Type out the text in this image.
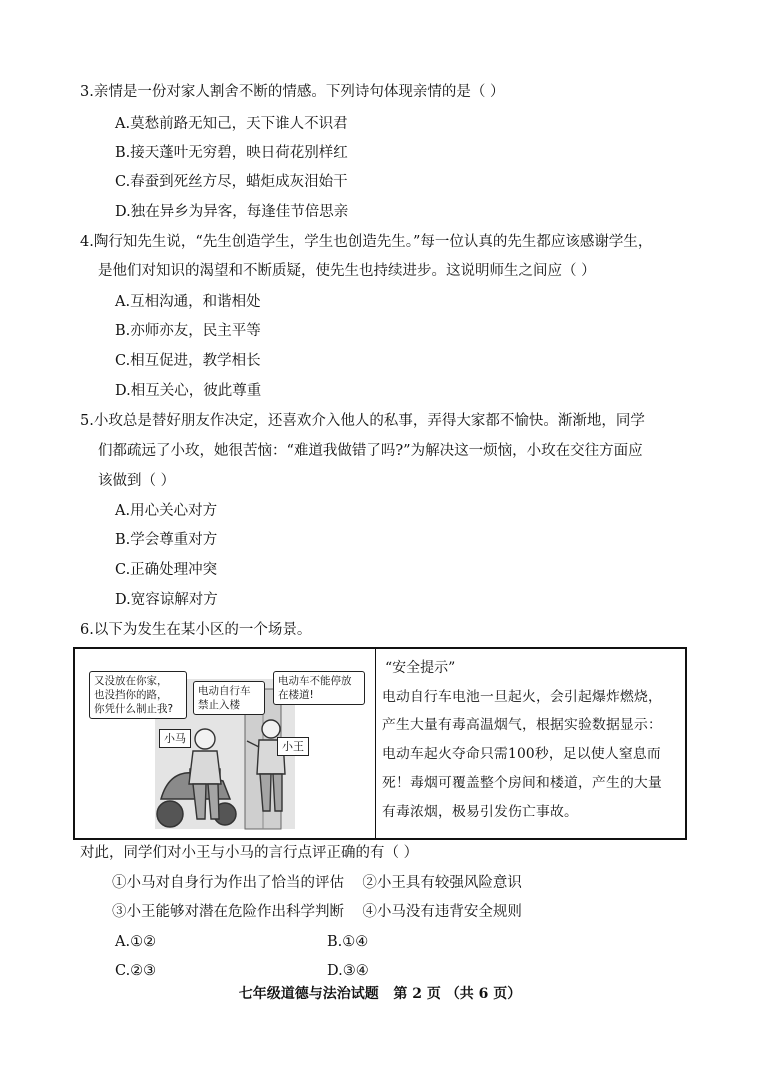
3.亲情是一份对家人割舍不断的情感。下列诗句体现亲情的是（ ）
A.莫愁前路无知己，天下谁人不识君
B.接天蓬叶无穷碧，映日荷花别样红
C.春蚕到死丝方尽，蜡炬成灰泪始干
D.独在异乡为异客，每逢佳节倍思亲
4.陶行知先生说，“先生创造学生，学生也创造先生。”每一位认真的先生都应该感谢学生，
是他们对知识的渴望和不断质疑，使先生也持续进步。这说明师生之间应（ ）
A.互相沟通，和谐相处
B.亦师亦友，民主平等
C.相互促进，教学相长
D.相互关心，彼此尊重
5.小玫总是替好朋友作决定，还喜欢介入他人的私事，弄得大家都不愉快。渐渐地，同学
们都疏远了小玫，她很苦恼：“难道我做错了吗?”为解决这一烦恼，小玫在交往方面应
该做到（ ）
A.用心关心对方
B.学会尊重对方
C.正确处理冲突
D.宽容谅解对方
6.以下为发生在某小区的一个场景。
又没放在你家，
也没挡你的路，
你凭什么制止我?
电动自行车
禁止入楼
电动车不能停放
在楼道!
小马
小王
“安全提示”
电动自行车电池一旦起火，会引起爆炸燃烧，
产生大量有毒高温烟气，根据实验数据显示：
电动车起火夺命只需100秒，足以使人窒息而
死！毒烟可覆盖整个房间和楼道，产生的大量
有毒浓烟，极易引发伤亡事故。
对此，同学们对小王与小马的言行点评正确的有（ ）
①小马对自身行为作出了恰当的评估    ②小王具有较强风险意识
③小王能够对潜在危险作出科学判断    ④小马没有违背安全规则
A.①②	B.①④
C.②③	D.③④
七年级道德与法治试题   第 2 页 （共 6 页）
